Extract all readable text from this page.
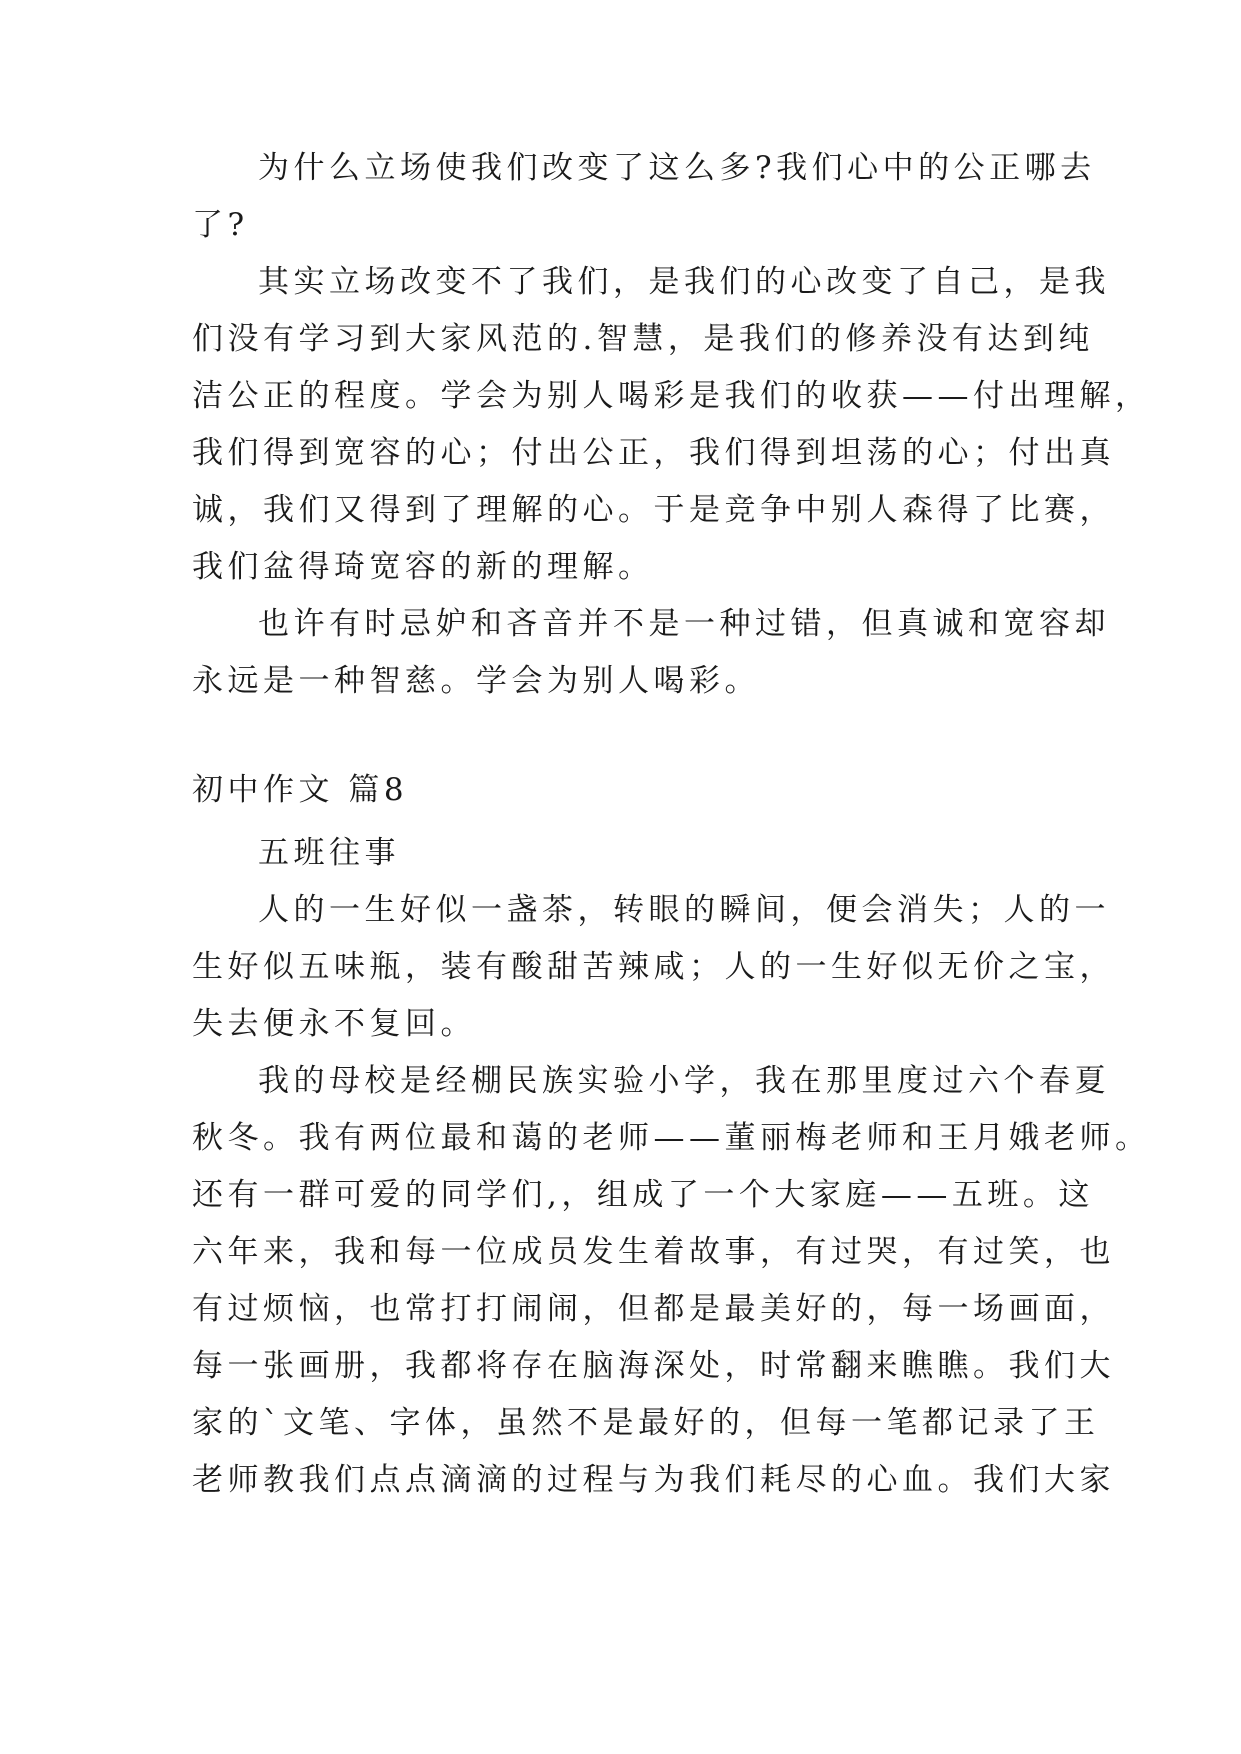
为什么立场使我们改变了这么多?我们心中的公正哪去
了?
其实立场改变不了我们，是我们的心改变了自己，是我
们没有学习到大家风范的.智慧，是我们的修养没有达到纯
洁公正的程度。学会为别人喝彩是我们的收获——付出理解，
我们得到宽容的心；付出公正，我们得到坦荡的心；付出真
诚，我们又得到了理解的心。于是竞争中别人森得了比赛，
我们盆得琦宽容的新的理解。
也许有时忌妒和吝音并不是一种过错，但真诚和宽容却
永远是一种智慈。学会为别人喝彩。
初中作文 篇8
五班往事
人的一生好似一盏茶，转眼的瞬间，便会消失；人的一
生好似五味瓶，装有酸甜苦辣咸；人的一生好似无价之宝，
失去便永不复回。
我的母校是经棚民族实验小学，我在那里度过六个春夏
秋冬。我有两位最和蔼的老师——董丽梅老师和王月娥老师。
还有一群可爱的同学们,，组成了一个大家庭——五班。这
六年来，我和每一位成员发生着故事，有过哭，有过笑，也
有过烦恼，也常打打闹闹，但都是最美好的，每一场画面，
每一张画册，我都将存在脑海深处，时常翻来瞧瞧。我们大
家的`文笔、字体，虽然不是最好的，但每一笔都记录了王
老师教我们点点滴滴的过程与为我们耗尽的心血。我们大家
